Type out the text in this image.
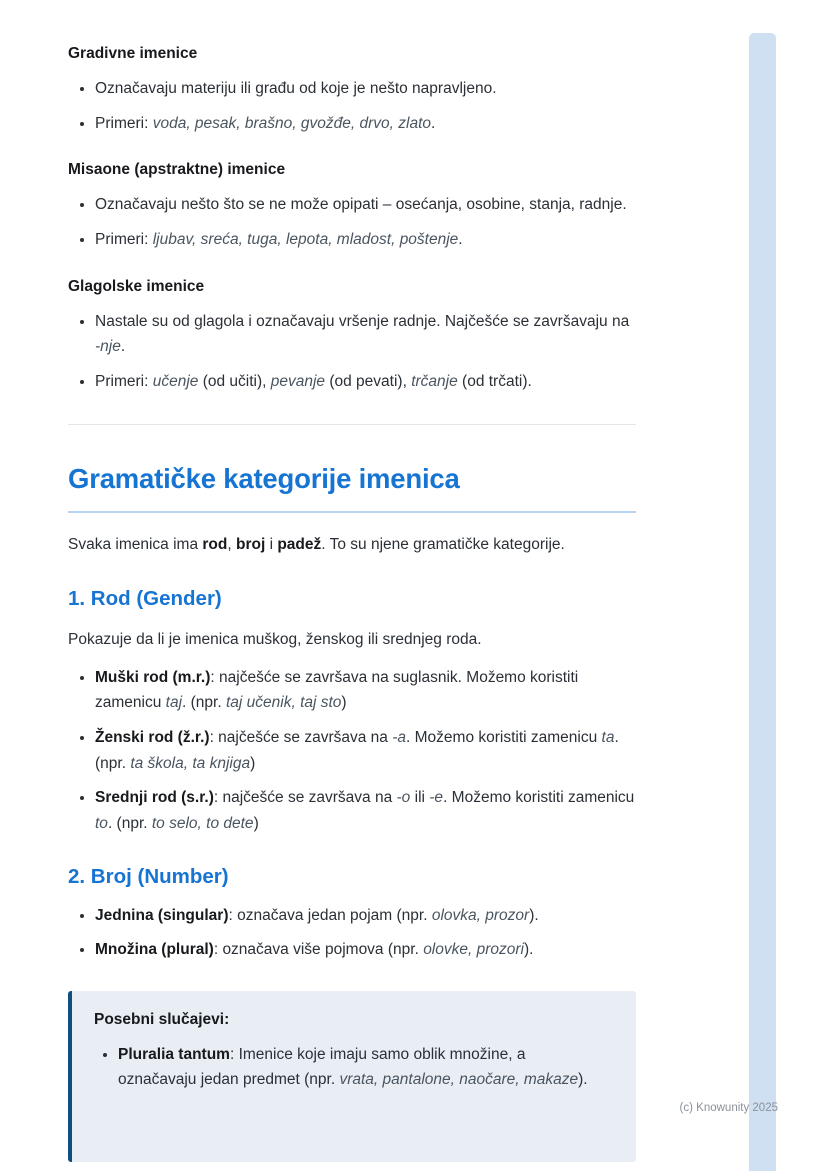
Gradivne imenice
• Označavaju materiju ili građu od koje je nešto napravljeno.
• Primeri: voda, pesak, brašno, gvožđe, drvo, zlato.
Misaone (apstraktne) imenice
• Označavaju nešto što se ne može opipati – osećanja, osobine, stanja, radnje.
• Primeri: ljubav, sreća, tuga, lepota, mladost, poštenje.
Glagolske imenice
• Nastale su od glagola i označavaju vršenje radnje. Najčešće se završavaju na -nje.
• Primeri: učenje (od učiti), pevanje (od pevati), trčanje (od trčati).
Gramatičke kategorije imenica

Svaka imenica ima rod, broj i padež. To su njene gramatičke kategorije.

1. Rod (Gender)

Pokazuje da li je imenica muškog, ženskog ili srednjeg roda.

• Muški rod (m.r.): najčešće se završava na suglasnik. Možemo koristiti zamenicu taj. (npr. taj učenik, taj sto)
• Ženski rod (ž.r.): najčešće se završava na -a. Možemo koristiti zamenicu ta. (npr. ta škola, ta knjiga)
• Srednji rod (s.r.): najčešće se završava na -o ili -e. Možemo koristiti zamenicu to. (npr. to selo, to dete)
2. Broj (Number)
• Jednina (singular): označava jedan pojam (npr. olovka, prozor).
• Množina (plural): označava više pojmova (npr. olovke, prozori).
Posebni slučajevi:
• Pluralia tantum: Imenice koje imaju samo oblik množine, a označavaju jedan predmet (npr. vrata, pantalone, naočare, makaze).
(c) Knowunity 2025
